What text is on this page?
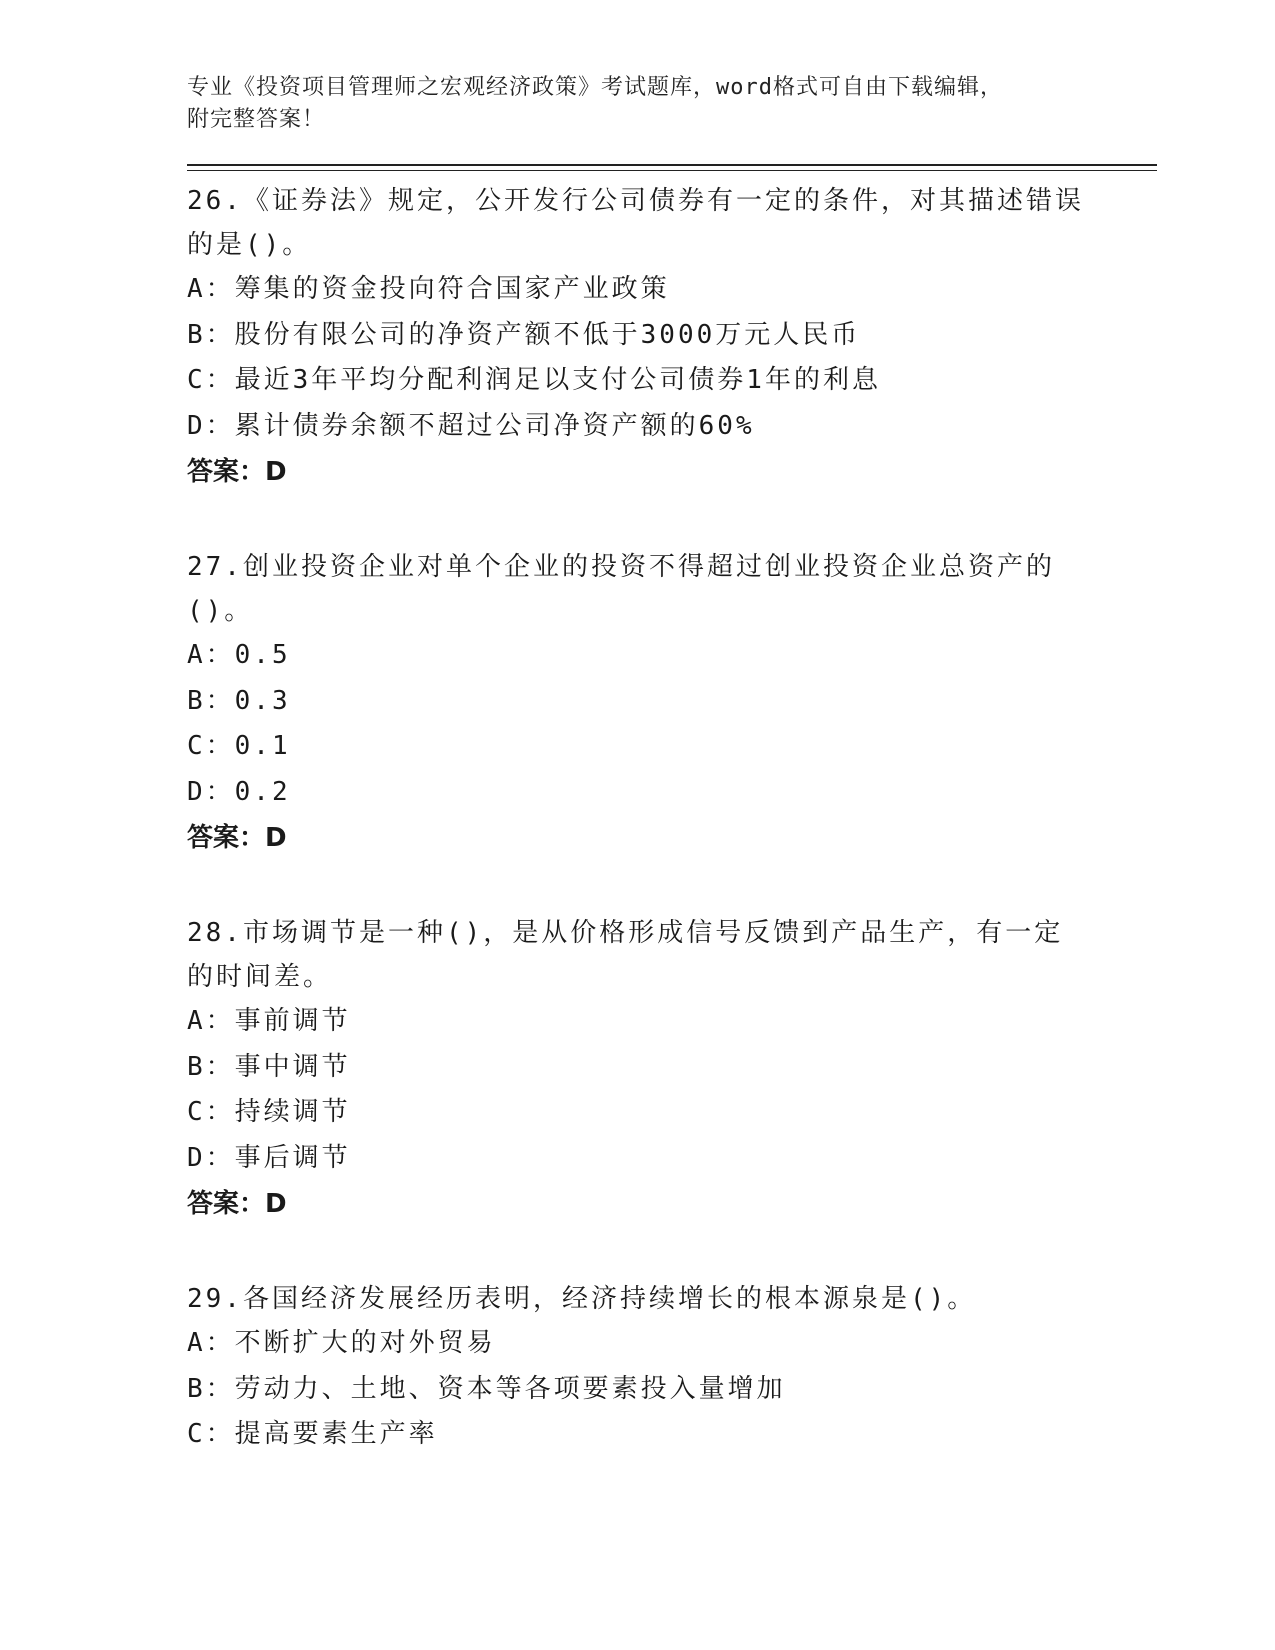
专业《投资项目管理师之宏观经济政策》考试题库，word格式可自由下载编辑，
附完整答案！
26.《证券法》规定，公开发行公司债券有一定的条件，对其描述错误的是()。
A：筹集的资金投向符合国家产业政策
B：股份有限公司的净资产额不低于3000万元人民币
C：最近3年平均分配利润足以支付公司债券1年的利息
D：累计债券余额不超过公司净资产额的60%
答案：D
27.创业投资企业对单个企业的投资不得超过创业投资企业总资产的()。
A：0.5
B：0.3
C：0.1
D：0.2
答案：D
28.市场调节是一种()，是从价格形成信号反馈到产品生产，有一定的时间差。
A：事前调节
B：事中调节
C：持续调节
D：事后调节
答案：D
29.各国经济发展经历表明，经济持续增长的根本源泉是()。
A：不断扩大的对外贸易
B：劳动力、土地、资本等各项要素投入量增加
C：提高要素生产率
